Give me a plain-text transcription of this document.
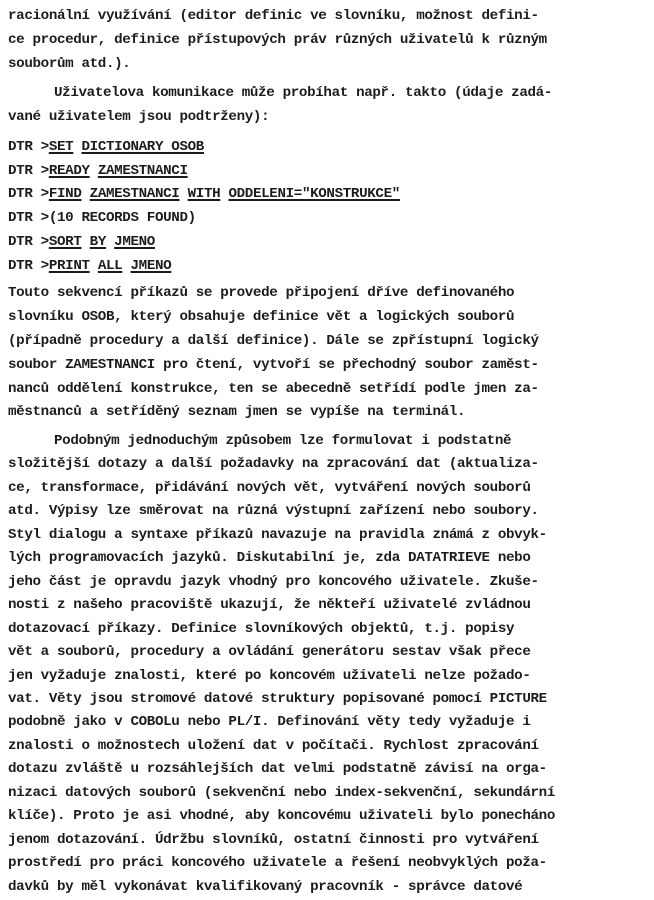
racionální využívání (editor definic ve slovníku, možnost defini-
ce procedur, definice přístupových práv různých uživatelů k různým
souborům atd.).
Uživatelova komunikace může probíhat např. takto (údaje zadá-
vané uživatelem jsou podtrženy):
DTR >SET DICTIONARY OSOB
DTR >READY ZAMESTNANCI
DTR >FIND ZAMESTNANCI WITH ODDELENI="KONSTRUKCE"
DTR >(10 RECORDS FOUND)
DTR >SORT BY JMENO
DTR >PRINT ALL JMENO
Touto sekvencí příkazů se provede připojení dříve definovaného
slovníku OSOB, který obsahuje definice vět a logických souborů
(případně procedury a další definice). Dále se zpřístupní logický
soubor ZAMESTNANCI pro čtení, vytvoří se přechodný soubor zaměst-
nanců oddělení konstrukce, ten se abecedně setřídí podle jmen za-
městnanců a setříděný seznam jmen se vypíše na terminál.
Podobným jednoduchým způsobem lze formulovat i podstatně
složitější dotazy a další požadavky na zpracování dat (aktualiza-
ce, transformace, přidávání nových vět, vytváření nových souborů
atd. Výpisy lze směrovat na různá výstupní zařízení nebo soubory.
Styl dialogu a syntaxe příkazů navazuje na pravidla známá z obvyk-
lých programovacích jazyků. Diskutabilní je, zda DATATRIEVE nebo
jeho část je opravdu jazyk vhodný pro koncového uživatele. Zkuše-
nosti z našeho pracoviště ukazují, že někteří uživatelé zvládnou
dotazovací příkazy. Definice slovníkových objektů, t.j. popisy
vět a souborů, procedury a ovládání generátoru sestav však přece
jen vyžaduje znalosti, které po koncovém uživateli nelze požado-
vat. Věty jsou stromové datové struktury popisované pomocí PICTURE
podobně jako v COBOLu nebo PL/I. Definování věty tedy vyžaduje i
znalosti o možnostech uložení dat v počítači. Rychlost zpracování
dotazu zvláště u rozsáhlejších dat velmi podstatně závisí na orga-
nizaci datových souborů (sekvenční nebo index-sekvenční, sekundární
klíče). Proto je asi vhodné, aby koncovému uživateli bylo ponecháno
jenom dotazování. Údržbu slovníků, ostatní činnosti pro vytváření
prostředí pro práci koncového uživatele a řešení neobvyklých poža-
davků by měl vykonávat kvalifikovaný pracovník - správce datové
